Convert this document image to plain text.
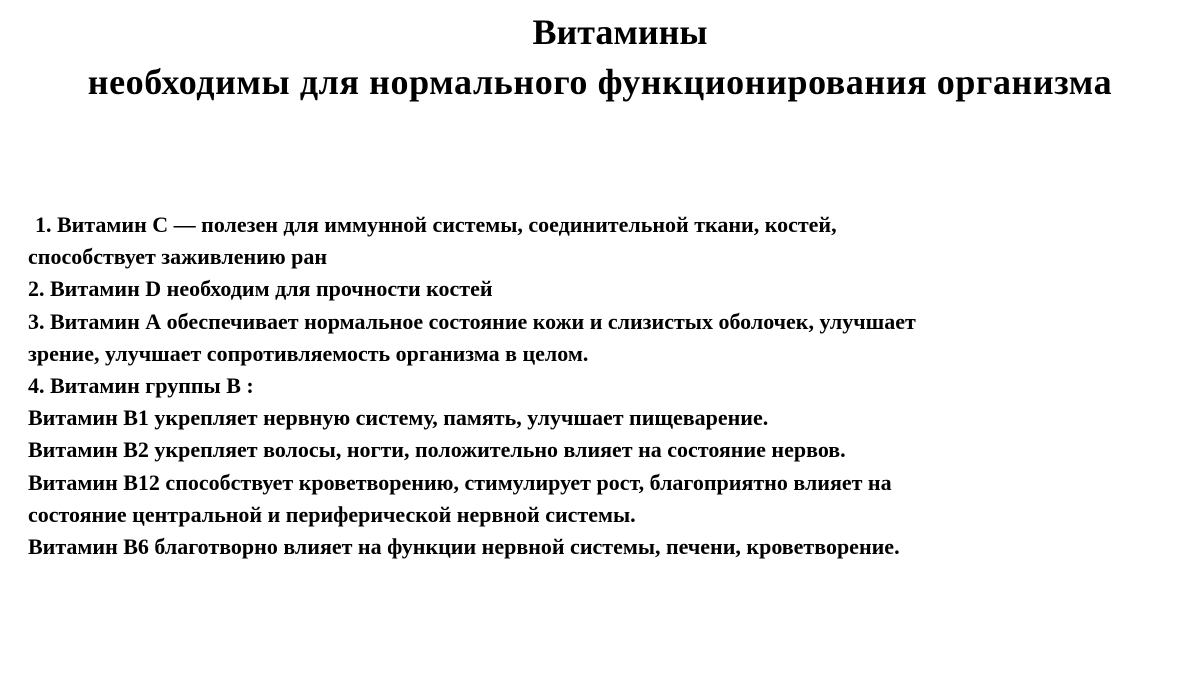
Витамины
необходимы для нормального функционирования организма
1. Витамин С — полезен для иммунной системы, соединительной ткани, костей,
способствует заживлению ран
2. Витамин D необходим для прочности костей
3. Витамин А обеспечивает нормальное состояние кожи и слизистых оболочек, улучшает
зрение, улучшает сопротивляемость организма в целом.
4. Витамин группы В :
Витамин В1 укрепляет нервную систему, память, улучшает пищеварение.
Витамин В2 укрепляет волосы, ногти, положительно влияет на состояние нервов.
Витамин В12 способствует кроветворению, стимулирует рост, благоприятно влияет на
состояние центральной и периферической нервной системы.
Витамин В6 благотворно влияет на функции нервной системы, печени, кроветворение.
